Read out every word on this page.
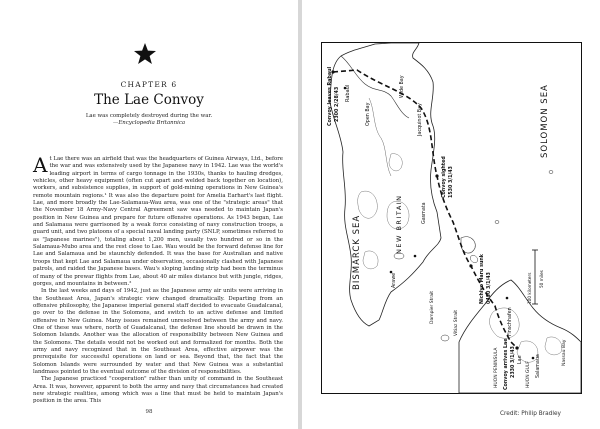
CHAPTER 6
The Lae Convoy
Lae was completely destroyed during the war.
—Encyclopedia Britannica

At Lae there was an airfield that was the headquarters of Guinea Airways, Ltd., before the war and was extensively used by the Japanese navy in 1942. Lae was the world's leading airport in terms of cargo tonnage in the 1930s, thanks to hauling dredges, vehicles, other heavy equipment (often cut apart and welded back together on location), workers, and subsistence supplies, in support of gold-mining operations in New Guinea's remote mountain regions.¹ It was also the departure point for Amelia Earhart's last flight. Lae, and more broadly the Lae-Salamaua-Wau area, was one of the "strategic areas" that the November 18 Army-Navy Central Agreement saw was needed to maintain Japan's position in New Guinea and prepare for future offensive operations. As 1943 began, Lae and Salamaua were garrisoned by a weak force consisting of navy construction troops, a guard unit, and two platoons of a special naval landing party (SNLP, sometimes referred to as "Japanese marines"), totaling about 1,200 men, usually two hundred or so in the Salamaua-Mubo area and the rest close to Lae. Wau would be the forward defense line for Lae and Salamaua and be staunchly defended. It was the base for Australian and native troops that kept Lae and Salamaua under observation, occasionally clashed with Japanese patrols, and raided the Japanese bases. Wau's sloping landing strip had been the terminus of many of the prewar flights from Lae, about 40 air miles distance but with jungle, ridges, gorges, and mountains in between.²

In the last weeks and days of 1942, just as the Japanese army air units were arriving in the Southeast Area, Japan's strategic view changed dramatically. Departing from an offensive philosophy, the Japanese imperial general staff decided to evacuate Guadalcanal, go over to the defense in the Solomons, and switch to an active defense and limited offensive in New Guinea. Many issues remained unresolved between the army and navy. One of these was where, north of Guadalcanal, the defense line should be drawn in the Solomon Islands. Another was the allocation of responsibility between New Guinea and the Solomons. The details would not be worked out and formalized for months. Both the army and navy recognized that in the Southeast Area, effective airpower was the prerequisite for successful operations on land or sea. Beyond that, the fact that the Solomon Islands were surrounded by water and that New Guinea was a substantial landmass pointed to the eventual outcome of the division of responsibilities.

The Japanese practiced "cooperation" rather than unity of command in the Southeast Area. It was, however, apparent to both the army and navy that circumstances had created new strategic realities, among which was a line that must be held to maintain Japan's position in the area. This

98
BISMARCK SEA
SOLOMON SEA
NEW BRITAIN
Convoy leaves Rabaul 2300 2/28/43 Rabaul
Open Bay
Wide Bay
Jacquinot Bay
Convoy sighted 1530 3/1/43
Gasmata
Arawe
Dampier Strait	Vitiaz Strait
Nichiyo Maru sunk 0430 3/1/43	100 kilometers 50 miles
Finschhafen
HUON PENINSULA Convoy arrives Lae 2330 3/1/43 Lae
HUON GULF Salamaua
Nassau Bay
Credit: Philip Bradley
